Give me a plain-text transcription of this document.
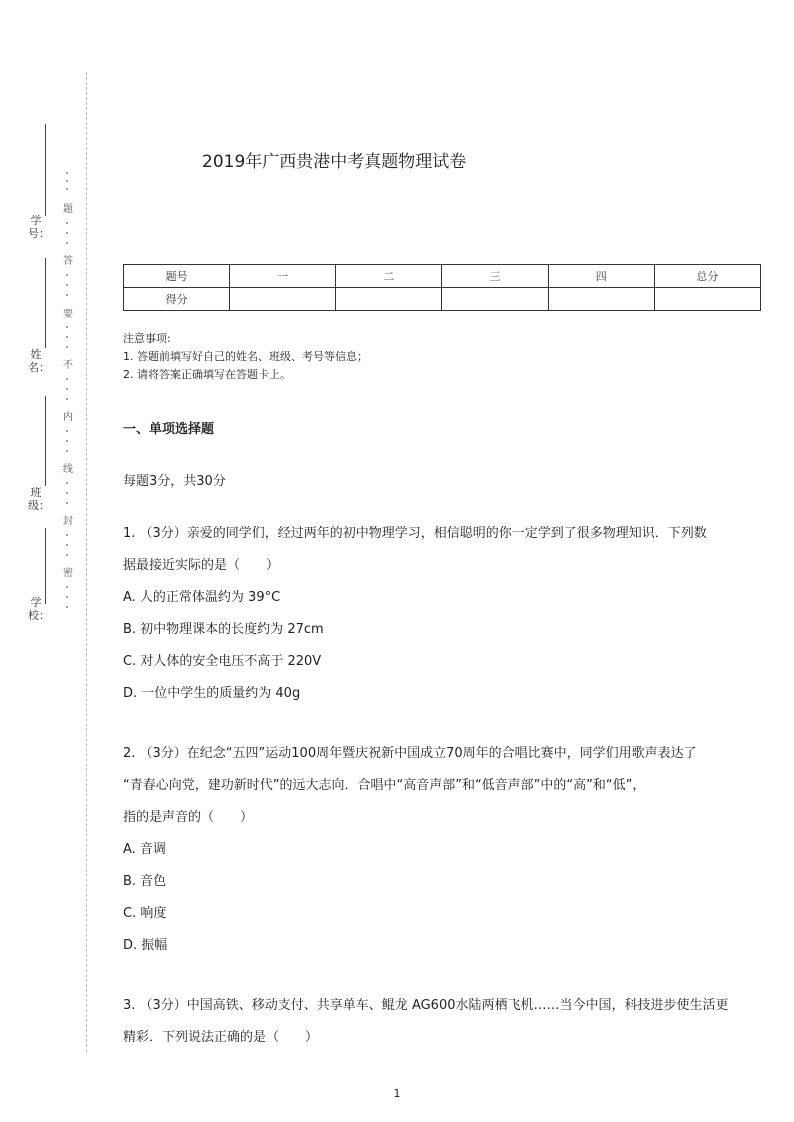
学号：
姓名：
班级：
学校：
题
答
要
不
内
线
封
密
2019年广西贵港中考真题物理试卷
题号	一	二	三	四	总分
得分					
注意事项:
1. 答题前填写好自己的姓名、班级、考号等信息；
2. 请将答案正确填写在答题卡上。
一、单项选择题
每题3分，共30分
1. （3分）亲爱的同学们，经过两年的初中物理学习，相信聪明的你一定学到了很多物理知识．下列数
据最接近实际的是（　　）
A. 人的正常体温约为 39°C
B. 初中物理课本的长度约为 27cm
C. 对人体的安全电压不高于 220V
D. 一位中学生的质量约为 40g
2. （3分）在纪念“五四”运动100周年暨庆祝新中国成立70周年的合唱比赛中，同学们用歌声表达了
“青春心向党，建功新时代”的远大志向．合唱中“高音声部”和“低音声部”中的“高”和“低”，
指的是声音的（　　）
A. 音调
B. 音色
C. 响度
D. 振幅
3. （3分）中国高铁、移动支付、共享单车、鲲龙 AG600水陆两栖飞机……当今中国，科技进步使生活更
精彩．下列说法正确的是（　　）
1
